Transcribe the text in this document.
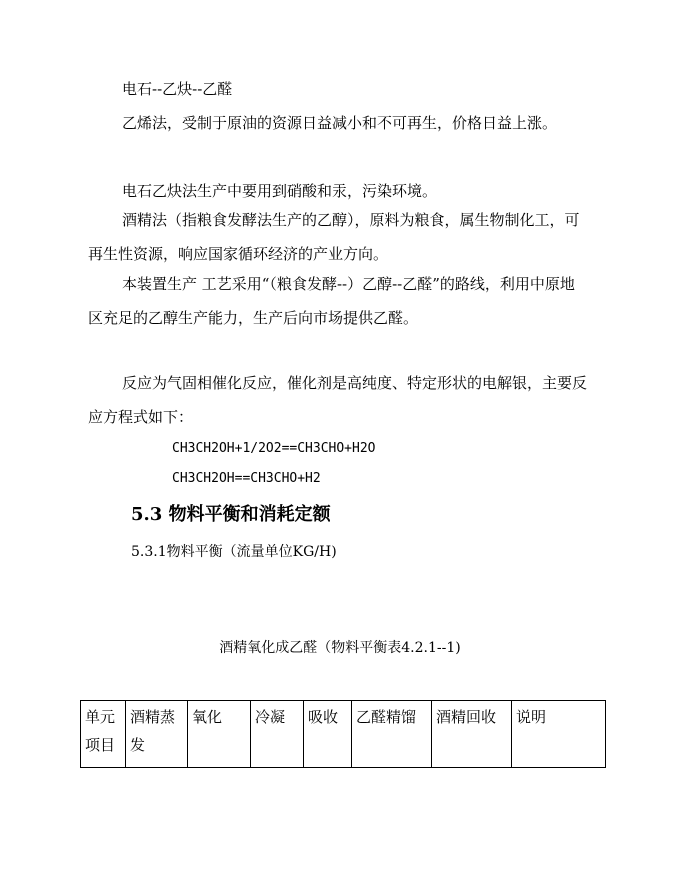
电石--乙炔--乙醛

乙烯法，受制于原油的资源日益减小和不可再生，价格日益上涨。

电石乙炔法生产中要用到硝酸和汞，污染环境。

酒精法（指粮食发酵法生产的乙醇），原料为粮食，属生物制化工，可再生性资源，响应国家循环经济的产业方向。

本装置生产 工艺采用“（粮食发酵--）乙醇--乙醛”的路线，利用中原地区充足的乙醇生产能力，生产后向市场提供乙醛。

反应为气固相催化反应，催化剂是高纯度、特定形状的电解银，主要反应方程式如下：

CH3CH2OH+1/2O2==CH3CHO+H2O
CH3CH2OH==CH3CHO+H2
5.3 物料平衡和消耗定额
5.3.1物料平衡（流量单位KG/H)
酒精氧化成乙醛（物料平衡表4.2.1--1)
单元项目	酒精蒸发	氧化	冷凝	吸收	乙醛精馏	酒精回收	说明
